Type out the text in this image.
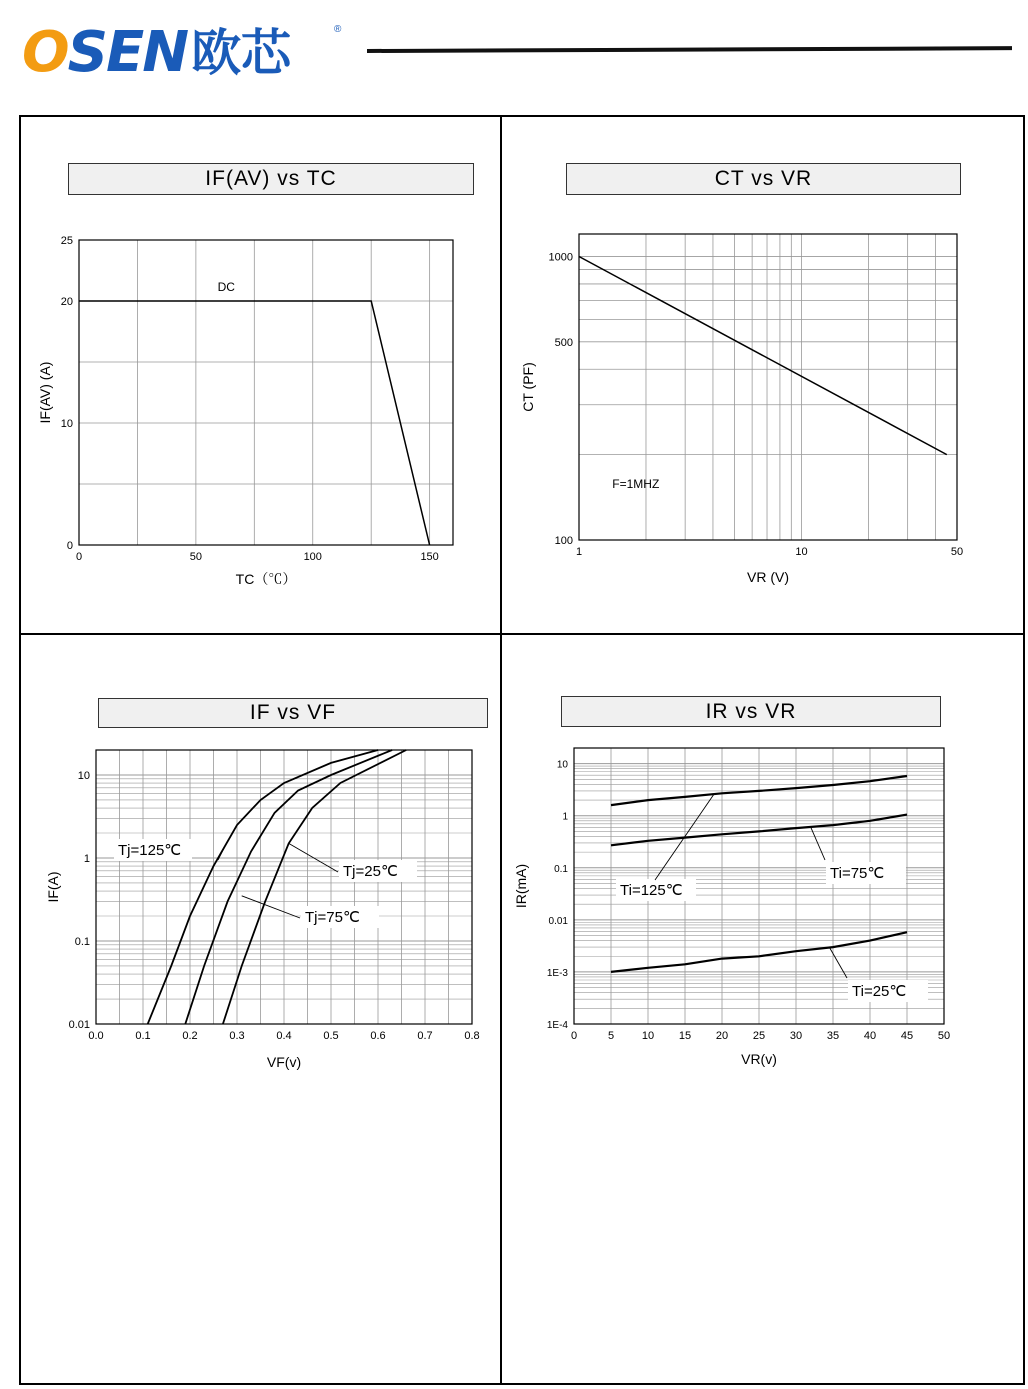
OSEN 欧芯	®
IF(AV) vs TC	CT vs VR
IF vs VF	IR vs VR
0	50	100	150
0
10
20
25
TC（℃）
IF(AV) (A)
DC
1	10	50
100
500
1000
VR (V)
CT (PF)
F=1MHZ
0.0	0.1	0.2	0.3	0.4	0.5	0.6	0.7	0.8
0.01
0.1
1
10
VF(v)
IF(A)
Tj=125℃
Tj=75℃
Tj=25℃
0	5	10 15 20 25 30 35 40 45 50
1E-4
1E-3
0.01
0.1
1
10
VR(v)
IR(mA)	Ti=125℃
Ti=75℃
Ti=25℃
